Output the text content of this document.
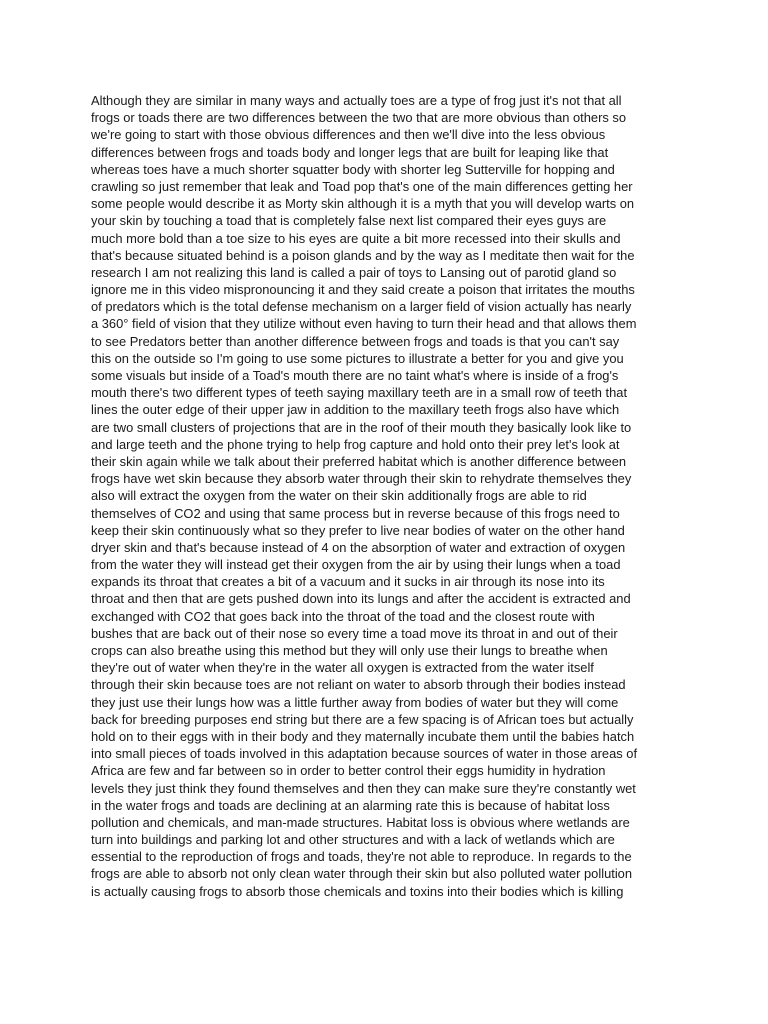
Although they are similar in many ways and actually toes are a type of frog just it's not that all
frogs or toads there are two differences between the two that are more obvious than others so
we're going to start with those obvious differences and then we'll dive into the less obvious
differences between frogs and toads body and longer legs that are built for leaping like that
whereas toes have a much shorter squatter body with shorter leg Sutterville for hopping and
crawling so just remember that leak and Toad pop that's one of the main differences getting her
some people would describe it as Morty skin although it is a myth that you will develop warts on
your skin by touching a toad that is completely false next list compared their eyes guys are
much more bold than a toe size to his eyes are quite a bit more recessed into their skulls and
that's because situated behind is a poison glands and by the way as I meditate then wait for the
research I am not realizing this land is called a pair of toys to Lansing out of parotid gland so
ignore me in this video mispronouncing it and they said create a poison that irritates the mouths
of predators which is the total defense mechanism on a larger field of vision actually has nearly
a 360° field of vision that they utilize without even having to turn their head and that allows them
to see Predators better than another difference between frogs and toads is that you can't say
this on the outside so I'm going to use some pictures to illustrate a better for you and give you
some visuals but inside of a Toad's mouth there are no taint what's where is inside of a frog's
mouth there's two different types of teeth saying maxillary teeth are in a small row of teeth that
lines the outer edge of their upper jaw in addition to the maxillary teeth frogs also have which
are two small clusters of projections that are in the roof of their mouth they basically look like to
and large teeth and the phone trying to help frog capture and hold onto their prey let's look at
their skin again while we talk about their preferred habitat which is another difference between
frogs have wet skin because they absorb water through their skin to rehydrate themselves they
also will extract the oxygen from the water on their skin additionally frogs are able to rid
themselves of CO2 and using that same process but in reverse because of this frogs need to
keep their skin continuously what so they prefer to live near bodies of water on the other hand
dryer skin and that's because instead of 4 on the absorption of water and extraction of oxygen
from the water they will instead get their oxygen from the air by using their lungs when a toad
expands its throat that creates a bit of a vacuum and it sucks in air through its nose into its
throat and then that are gets pushed down into its lungs and after the accident is extracted and
exchanged with CO2 that goes back into the throat of the toad and the closest route with
bushes that are back out of their nose so every time a toad move its throat in and out of their
crops can also breathe using this method but they will only use their lungs to breathe when
they're out of water when they're in the water all oxygen is extracted from the water itself
through their skin because toes are not reliant on water to absorb through their bodies instead
they just use their lungs how was a little further away from bodies of water but they will come
back for breeding purposes end string but there are a few spacing is of African toes but actually
hold on to their eggs with in their body and they maternally incubate them until the babies hatch
into small pieces of toads involved in this adaptation because sources of water in those areas of
Africa are few and far between so in order to better control their eggs humidity in hydration
levels they just think they found themselves and then they can make sure they're constantly wet
in the water frogs and toads are declining at an alarming rate this is because of habitat loss
pollution and chemicals, and man-made structures. Habitat loss is obvious where wetlands are
turn into buildings and parking lot and other structures and with a lack of wetlands which are
essential to the reproduction of frogs and toads, they're not able to reproduce. In regards to the
frogs are able to absorb not only clean water through their skin but also polluted water pollution
is actually causing frogs to absorb those chemicals and toxins into their bodies which is killing
